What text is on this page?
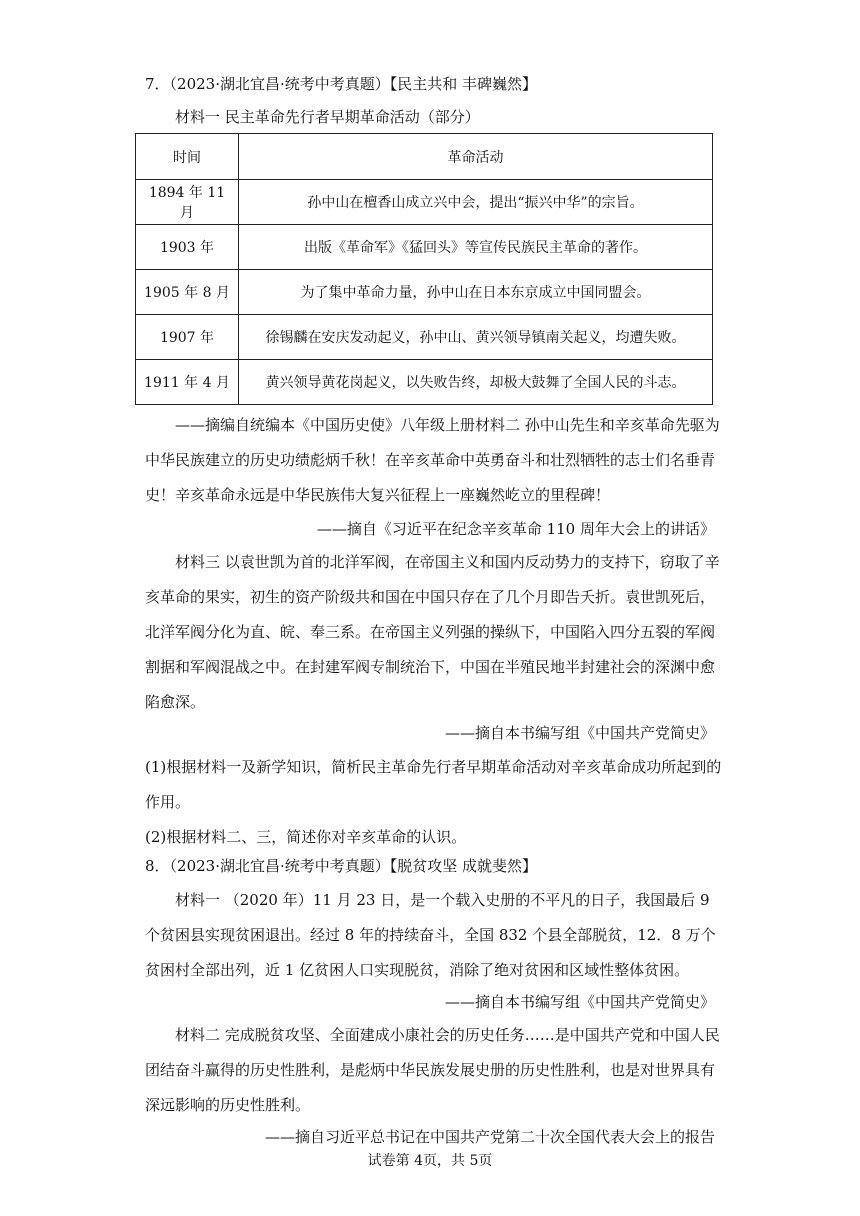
7．（2023·湖北宜昌·统考中考真题）【民主共和 丰碑巍然】
材料一 民主革命先行者早期革命活动（部分）
时间	革命活动
1894 年 11 月	孙中山在檀香山成立兴中会，提出“振兴中华”的宗旨。
1903 年	出版《革命军》《猛回头》等宣传民族民主革命的著作。
1905 年 8 月	为了集中革命力量，孙中山在日本东京成立中国同盟会。
1907 年	徐锡麟在安庆发动起义，孙中山、黄兴领导镇南关起义，均遭失败。
1911 年 4 月	黄兴领导黄花岗起义，以失败告终，却极大鼓舞了全国人民的斗志。
——摘编自统编本《中国历史使》八年级上册材料二 孙中山先生和辛亥革命先驱为中华民族建立的历史功绩彪炳千秋！在辛亥革命中英勇奋斗和壮烈牺牲的志士们名垂青史！辛亥革命永远是中华民族伟大复兴征程上一座巍然屹立的里程碑！
——摘自《习近平在纪念辛亥革命 110 周年大会上的讲话》
材料三 以袁世凯为首的北洋军阀，在帝国主义和国内反动势力的支持下，窃取了辛亥革命的果实，初生的资产阶级共和国在中国只存在了几个月即告夭折。袁世凯死后，北洋军阀分化为直、皖、奉三系。在帝国主义列强的操纵下，中国陷入四分五裂的军阀割据和军阀混战之中。在封建军阀专制统治下，中国在半殖民地半封建社会的深渊中愈陷愈深。
——摘自本书编写组《中国共产党简史》
(1)根据材料一及新学知识，简析民主革命先行者早期革命活动对辛亥革命成功所起到的作用。
(2)根据材料二、三，简述你对辛亥革命的认识。
8．（2023·湖北宜昌·统考中考真题）【脱贫攻坚 成就斐然】
材料一 （2020 年）11 月 23 日，是一个载入史册的不平凡的日子，我国最后 9 个贫困县实现贫困退出。经过 8 年的持续奋斗，全国 832 个县全部脱贫，12．8 万个贫困村全部出列，近 1 亿贫困人口实现脱贫，消除了绝对贫困和区域性整体贫困。
——摘自本书编写组《中国共产党简史》
材料二 完成脱贫攻坚、全面建成小康社会的历史任务……是中国共产党和中国人民团结奋斗赢得的历史性胜利，是彪炳中华民族发展史册的历史性胜利，也是对世界具有深远影响的历史性胜利。
——摘自习近平总书记在中国共产党第二十次全国代表大会上的报告
试卷第 4页，共 5页
